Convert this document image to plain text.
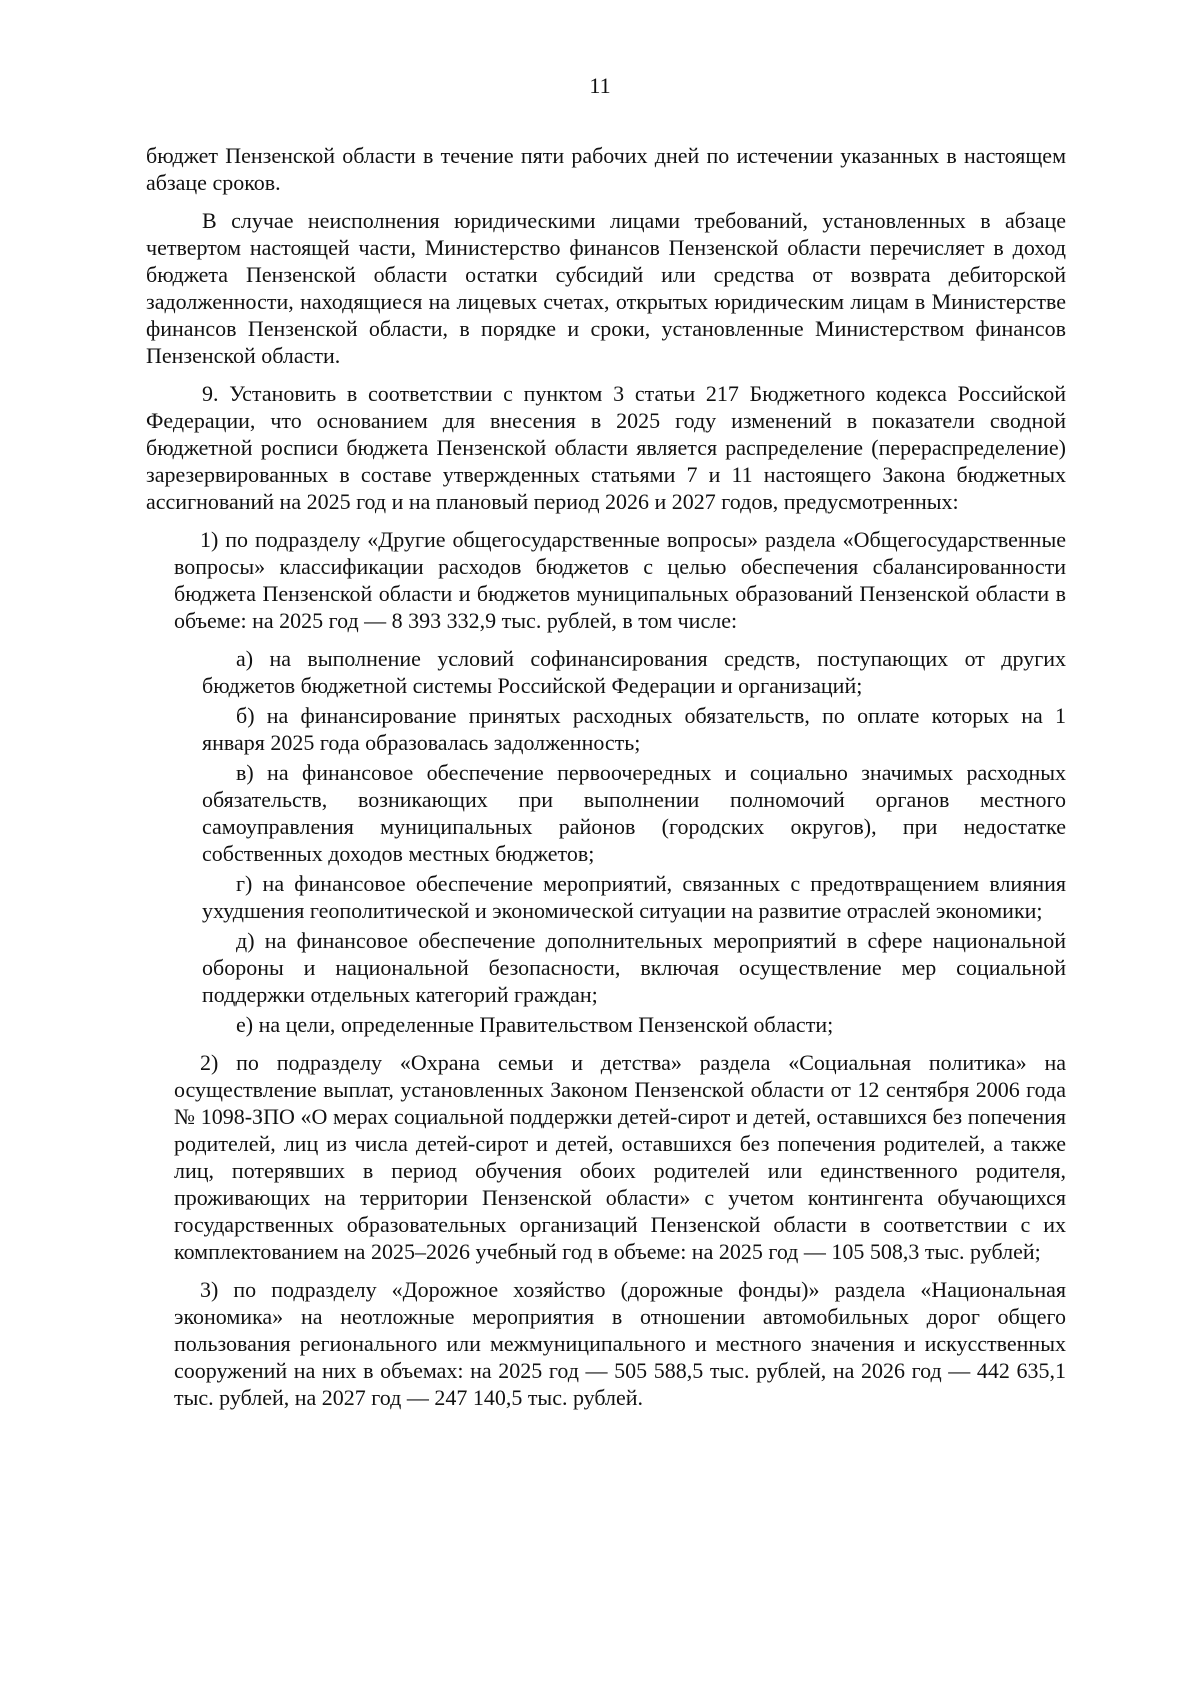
11
бюджет Пензенской области в течение пяти рабочих дней по истечении указанных в настоящем абзаце сроков.
В случае неисполнения юридическими лицами требований, установленных в абзаце четвертом настоящей части, Министерство финансов Пензенской области перечисляет в доход бюджета Пензенской области остатки субсидий или средства от возврата дебиторской задолженности, находящиеся на лицевых счетах, открытых юридическим лицам в Министерстве финансов Пензенской области, в порядке и сроки, установленные Министерством финансов Пензенской области.
9. Установить в соответствии с пунктом 3 статьи 217 Бюджетного кодекса Российской Федерации, что основанием для внесения в 2025 году изменений в показатели сводной бюджетной росписи бюджета Пензенской области является распределение (перераспределение) зарезервированных в составе утвержденных статьями 7 и 11 настоящего Закона бюджетных ассигнований на 2025 год и на плановый период 2026 и 2027 годов, предусмотренных:
1) по подразделу «Другие общегосударственные вопросы» раздела «Общегосударственные вопросы» классификации расходов бюджетов с целью обеспечения сбалансированности бюджета Пензенской области и бюджетов муниципальных образований Пензенской области в объеме: на 2025 год — 8 393 332,9 тыс. рублей, в том числе:
а) на выполнение условий софинансирования средств, поступающих от других бюджетов бюджетной системы Российской Федерации и организаций;
б) на финансирование принятых расходных обязательств, по оплате которых на 1 января 2025 года образовалась задолженность;
в) на финансовое обеспечение первоочередных и социально значимых расходных обязательств, возникающих при выполнении полномочий органов местного самоуправления муниципальных районов (городских округов), при недостатке собственных доходов местных бюджетов;
г) на финансовое обеспечение мероприятий, связанных с предотвращением влияния ухудшения геополитической и экономической ситуации на развитие отраслей экономики;
д) на финансовое обеспечение дополнительных мероприятий в сфере национальной обороны и национальной безопасности, включая осуществление мер социальной поддержки отдельных категорий граждан;
е) на цели, определенные Правительством Пензенской области;
2) по подразделу «Охрана семьи и детства» раздела «Социальная политика» на осуществление выплат, установленных Законом Пензенской области от 12 сентября 2006 года № 1098-ЗПО «О мерах социальной поддержки детей-сирот и детей, оставшихся без попечения родителей, лиц из числа детей-сирот и детей, оставшихся без попечения родителей, а также лиц, потерявших в период обучения обоих родителей или единственного родителя, проживающих на территории Пензенской области» с учетом контингента обучающихся государственных образовательных организаций Пензенской области в соответствии с их комплектованием на 2025–2026 учебный год в объеме: на 2025 год — 105 508,3 тыс. рублей;
3) по подразделу «Дорожное хозяйство (дорожные фонды)» раздела «Национальная экономика» на неотложные мероприятия в отношении автомобильных дорог общего пользования регионального или межмуниципального и местного значения и искусственных сооружений на них в объемах: на 2025 год — 505 588,5 тыс. рублей, на 2026 год — 442 635,1 тыс. рублей, на 2027 год — 247 140,5 тыс. рублей.
